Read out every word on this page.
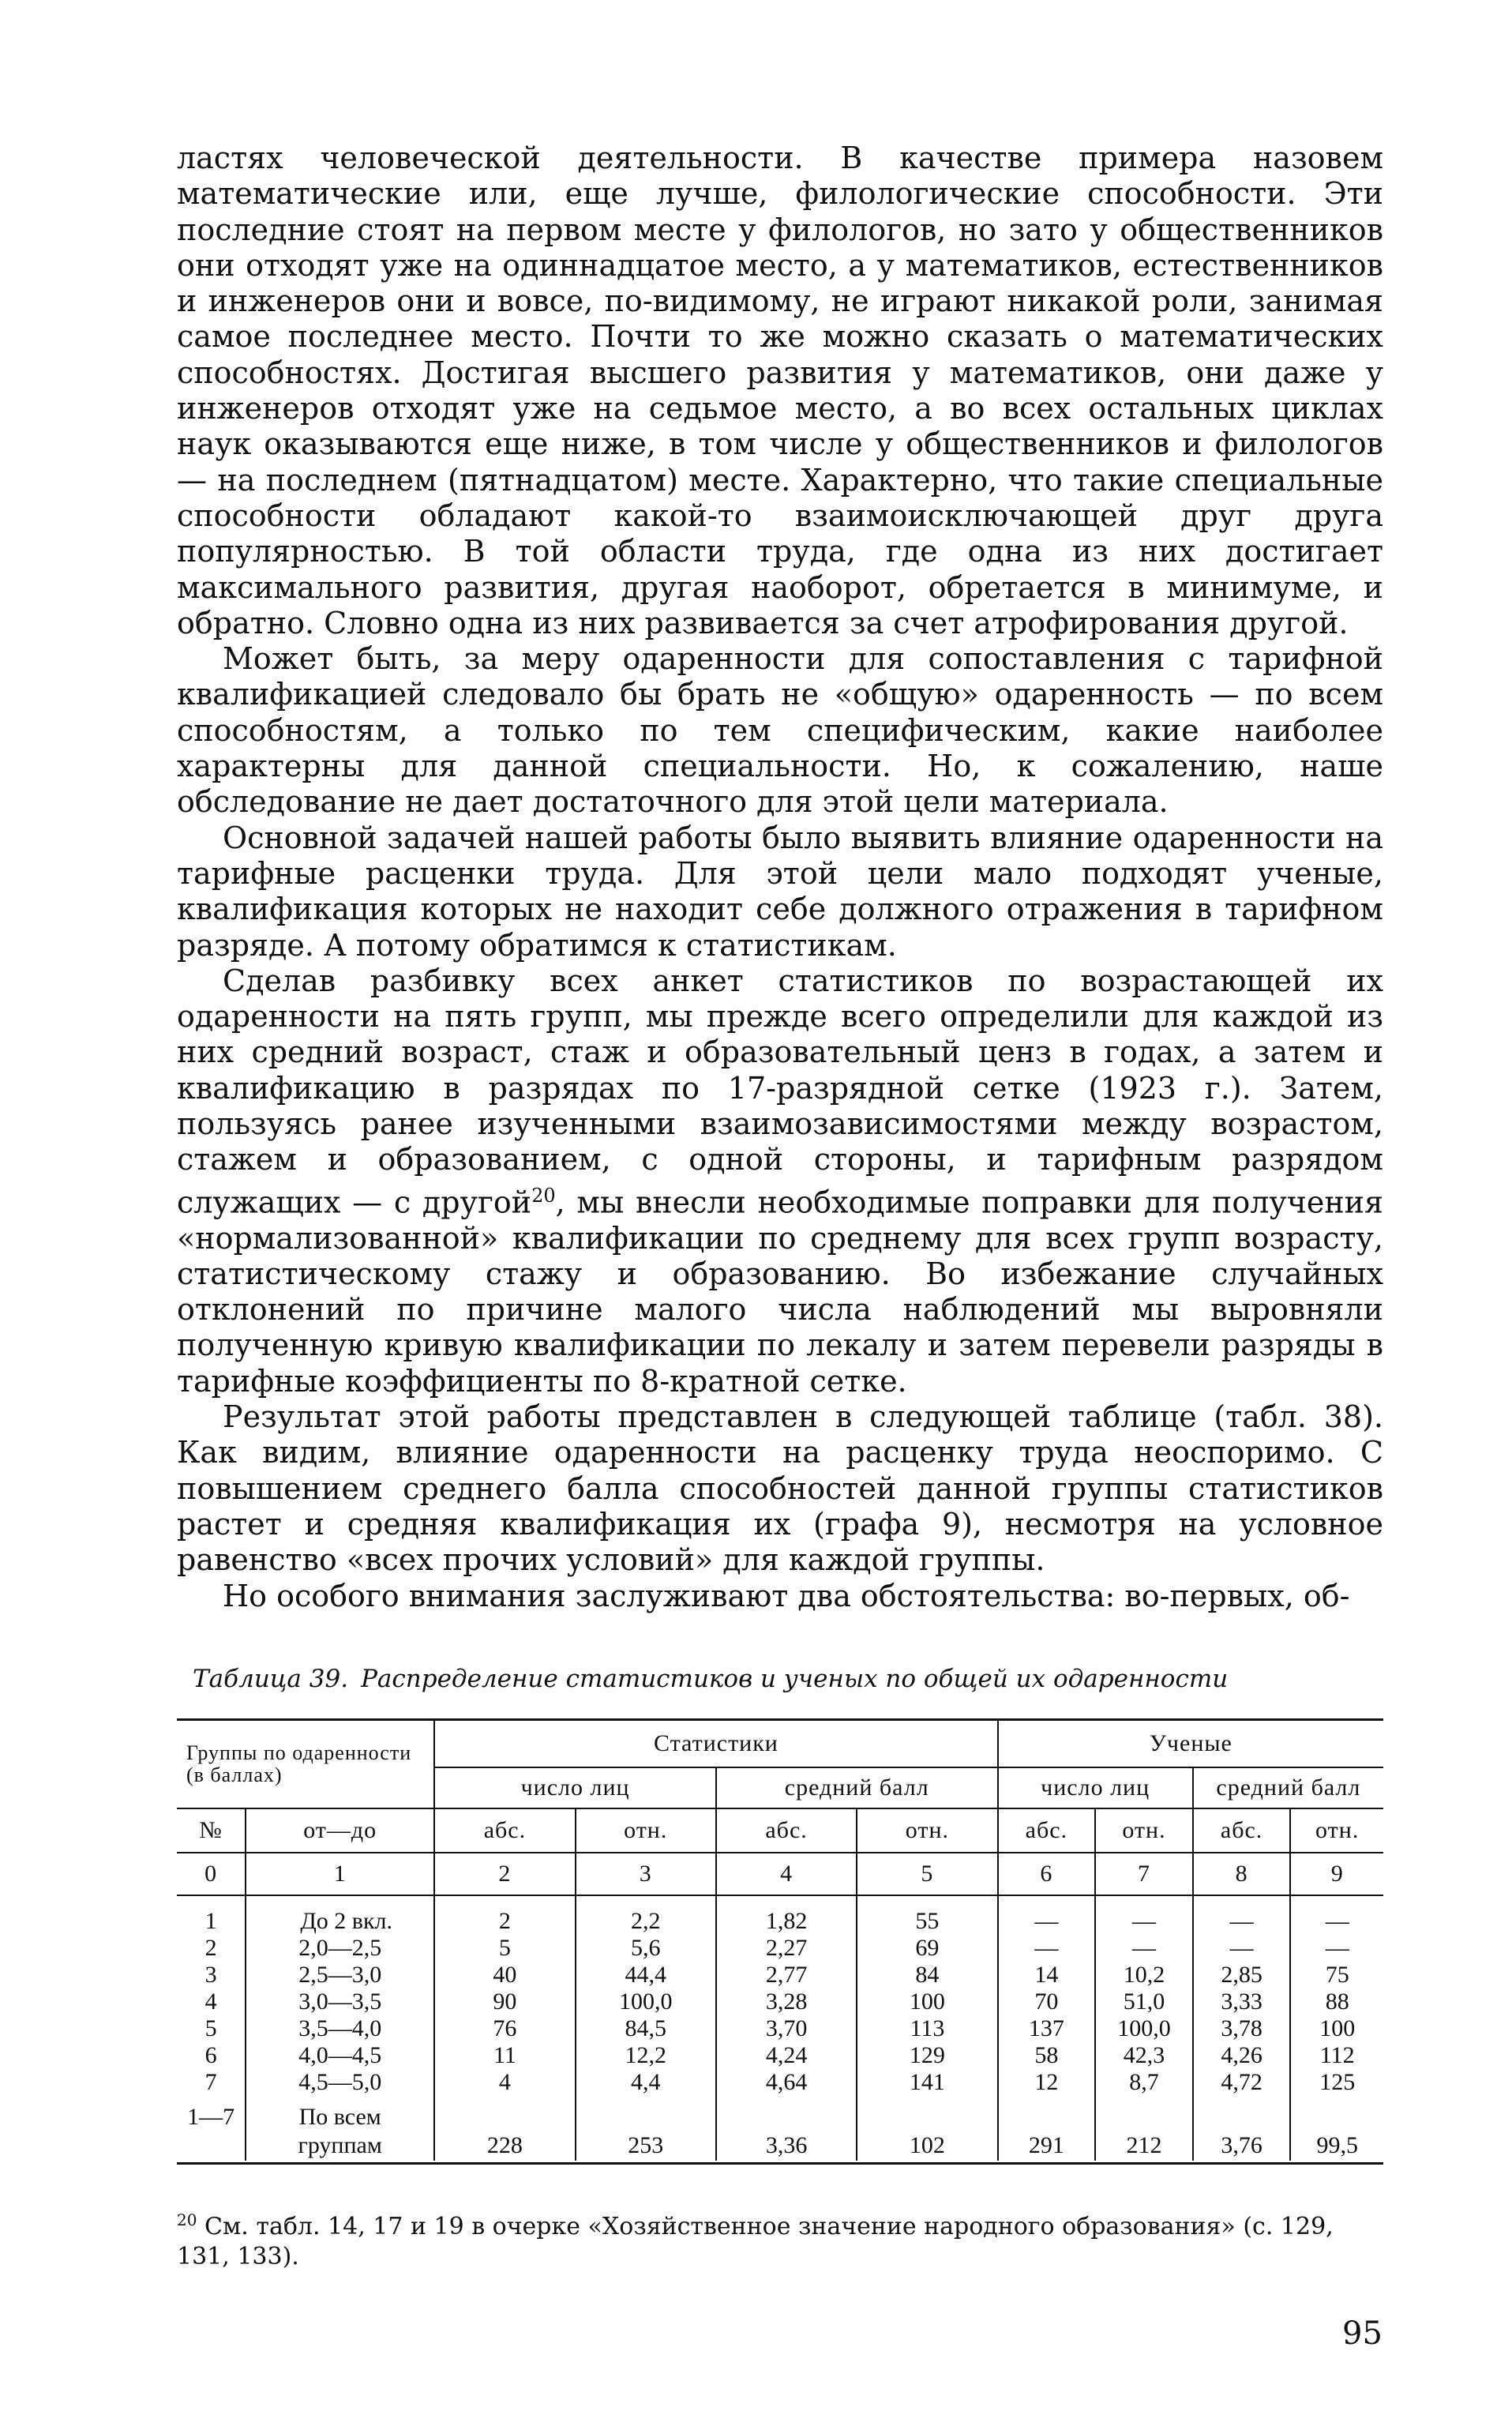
ластях человеческой деятельности. В качестве примера назовем математические или, еще лучше, филологические способности. Эти последние стоят на первом месте у филологов, но зато у общественников они отходят уже на одиннадцатое место, а у математиков, естественников и инженеров они и вовсе, по-видимому, не играют никакой роли, занимая самое последнее место. Почти то же можно сказать о математических способностях. Достигая высшего развития у математиков, они даже у инженеров отходят уже на седьмое место, а во всех остальных циклах наук оказываются еще ниже, в том числе у общественников и филологов — на последнем (пятнадцатом) месте. Характерно, что такие специальные способности обладают какой-то взаимоисключающей друг друга популярностью. В той области труда, где одна из них достигает максимального развития, другая наоборот, обретается в минимуме, и обратно. Словно одна из них развивается за счет атрофирования другой.

Может быть, за меру одаренности для сопоставления с тарифной квалификацией следовало бы брать не «общую» одаренность — по всем способностям, а только по тем специфическим, какие наиболее характерны для данной специальности. Но, к сожалению, наше обследование не дает достаточного для этой цели материала.

Основной задачей нашей работы было выявить влияние одаренности на тарифные расценки труда. Для этой цели мало подходят ученые, квалификация которых не находит себе должного отражения в тарифном разряде. А потому обратимся к статистикам.

Сделав разбивку всех анкет статистиков по возрастающей их одаренности на пять групп, мы прежде всего определили для каждой из них средний возраст, стаж и образовательный ценз в годах, а затем и квалификацию в разрядах по 17-разрядной сетке (1923 г.). Затем, пользуясь ранее изученными взаимозависимостями между возрастом, стажем и образованием, с одной стороны, и тарифным разрядом служащих — с другой$^{20}$, мы внесли необходимые поправки для получения «нормализованной» квалификации по среднему для всех групп возрасту, статистическому стажу и образованию. Во избежание случайных отклонений по причине малого числа наблюдений мы выровняли полученную кривую квалификации по лекалу и затем перевели разряды в тарифные коэффициенты по 8-кратной сетке.

Результат этой работы представлен в следующей таблице (табл. 38). Как видим, влияние одаренности на расценку труда неоспоримо. С повышением среднего балла способностей данной группы статистиков растет и средняя квалификация их (графа 9), несмотря на условное равенство «всех прочих условий» для каждой группы.

Но особого внимания заслуживают два обстоятельства: во-первых, об-

Таблица 39. Распределение статистиков и ученых по общей их одаренности
Группы по одаренности (в баллах)		Статистики				Ученые			
		число лиц		средний балл		число лиц		средний балл	
№	от—до	абс.	отн.	абс.	отн.	абс.	отн.	абс.	отн.
0	1	2	3	4	5	6	7	8	9

1	До 2 вкл.	2	2,2	1,82	55	—	—	—	—
2	2,0—2,5	5	5,6	2,27	69	—	—	—	—
3	2,5—3,0	40	44,4	2,77	84	14	10,2	2,85	75
4	3,0—3,5	90	100,0	3,28	100	70	51,0	3,33	88
5	3,5—4,0	76	84,5	3,70	113	137	100,0	3,78	100
6	4,0—4,5	11	12,2	4,24	129	58	42,3	4,26	112
7	4,5—5,0	4	4,4	4,64	141	12	8,7	4,72	125
1—7	По всем								
	группам	228	253	3,36	102	291	212	3,76	99,5

$^{20}$ См. табл. 14, 17 и 19 в очерке «Хозяйственное значение народного образования» (с. 129, 131, 133).
95
